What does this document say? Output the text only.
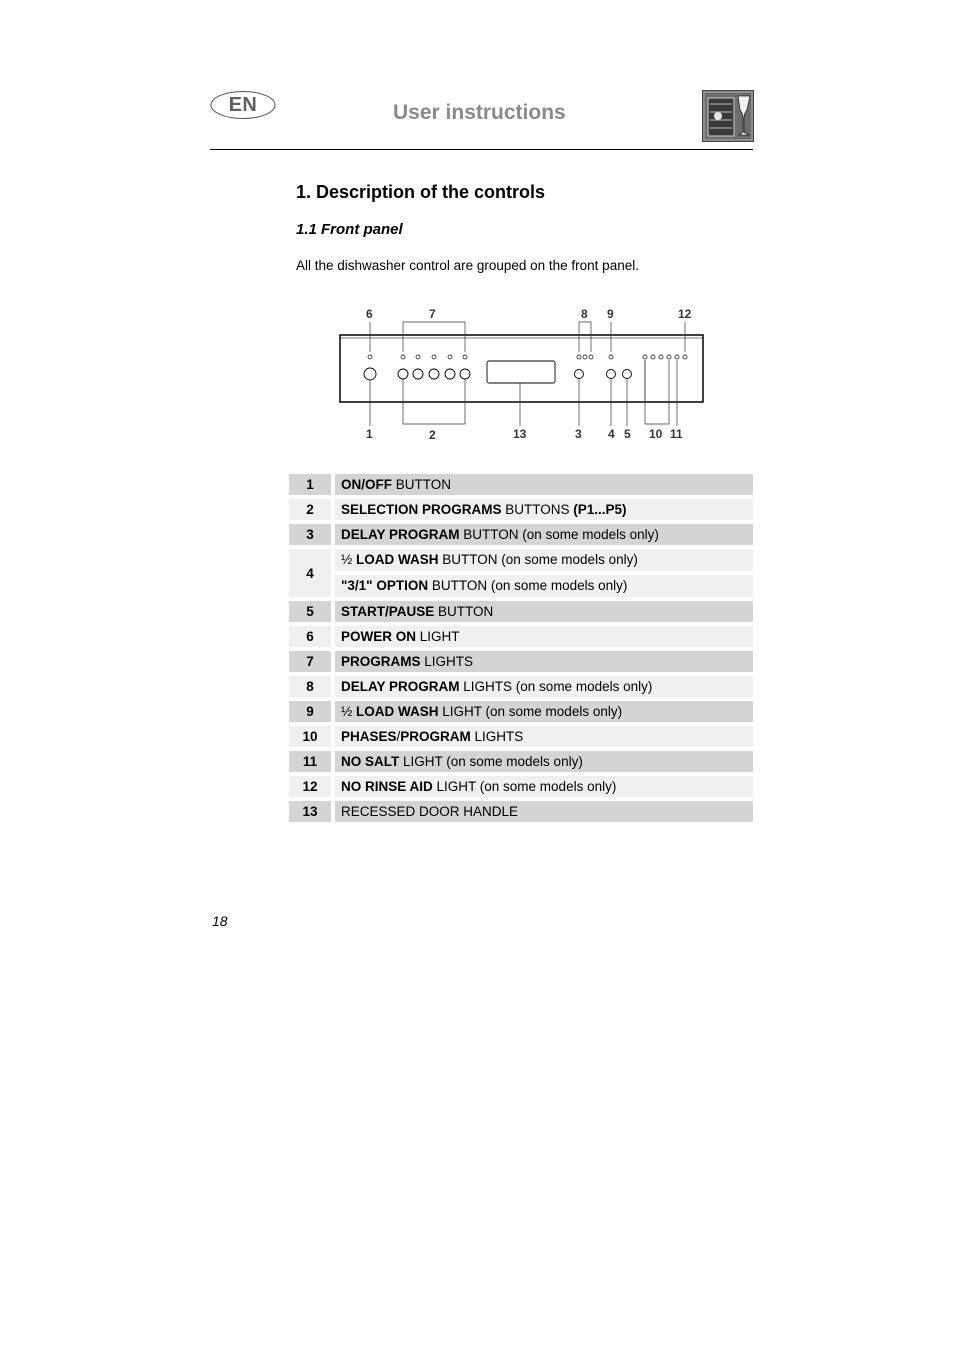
EN	User instructions
1. Description of the controls
1.1 Front panel
All the dishwasher control are grouped on the front panel.
6	7	8 9	12
1	2	13	3 4 5 10 11
1	ON/OFF BUTTON
2	SELECTION PROGRAMS BUTTONS (P1...P5)
3	DELAY PROGRAM BUTTON (on some models only)
4	½ LOAD WASH BUTTON (on some models only)
"3/1" OPTION BUTTON (on some models only)

5	START/PAUSE BUTTON
6	POWER ON LIGHT
7	PROGRAMS LIGHTS
8	DELAY PROGRAM LIGHTS (on some models only)
9	½ LOAD WASH LIGHT (on some models only)
10	PHASES/PROGRAM LIGHTS
11	NO SALT LIGHT (on some models only)
12	NO RINSE AID LIGHT (on some models only)
13	RECESSED DOOR HANDLE
18
